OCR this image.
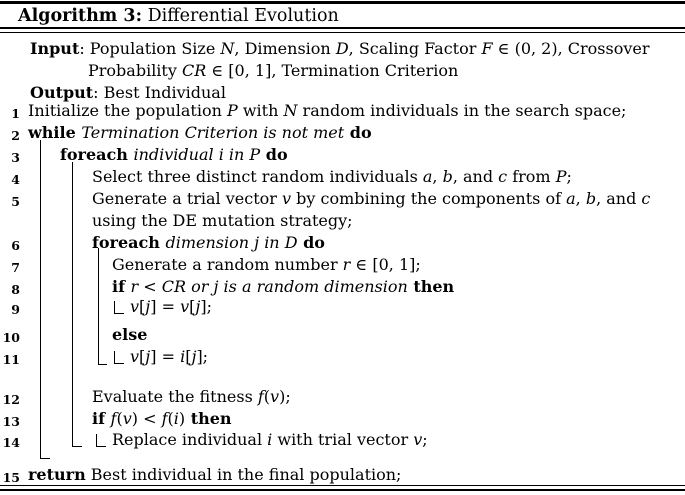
Algorithm 3: Differential Evolution
Input: Population Size N, Dimension D, Scaling Factor F ∈ (0, 2), Crossover
Probability CR ∈ [0, 1], Termination Criterion
Output: Best Individual
1 Initialize the population P with N random individuals in the search space;
2 while Termination Criterion is not met do
3	foreach individual i in P do
4	Select three distinct random individuals a, b, and c from P;
5	Generate a trial vector v by combining the components of a, b, and c
using the DE mutation strategy;
6	foreach dimension j in D do
7	Generate a random number r ∈ [0, 1];
8	if r < CR or j is a random dimension then
9	v[j] = v[j];
10	else
11	v[j] = i[j];
12	Evaluate the fitness f(v);
13	if f(v) < f(i) then
14	Replace individual i with trial vector v;
15 return Best individual in the final population;
